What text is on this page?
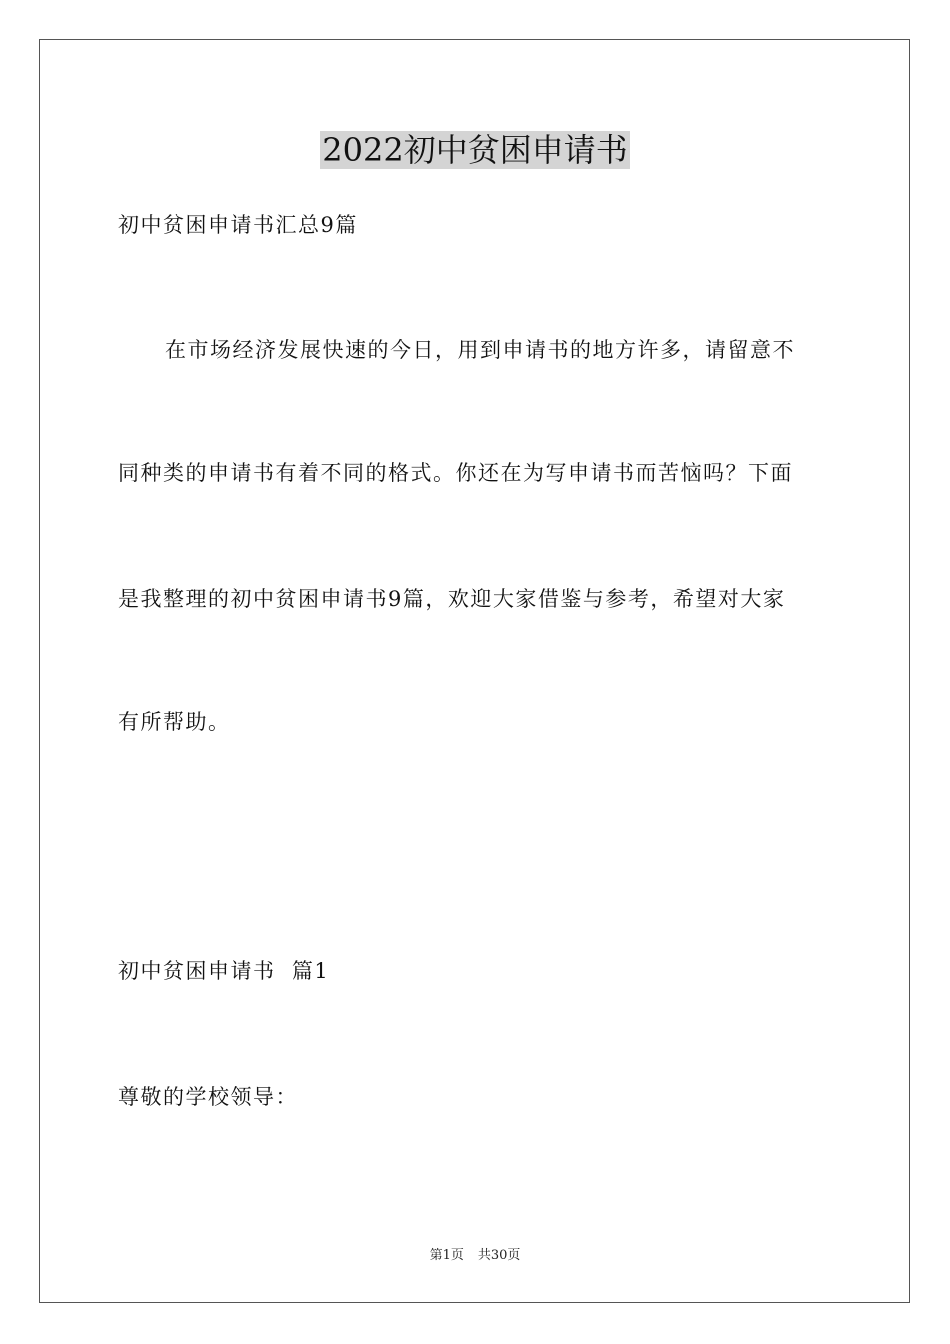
2022初中贫困申请书
初中贫困申请书汇总9篇
在市场经济发展快速的今日，用到申请书的地方许多，请留意不
同种类的申请书有着不同的格式。你还在为写申请书而苦恼吗？下面
是我整理的初中贫困申请书9篇，欢迎大家借鉴与参考，希望对大家
有所帮助。
初中贫困申请书  篇1
尊敬的学校领导：
第1页 共30页
